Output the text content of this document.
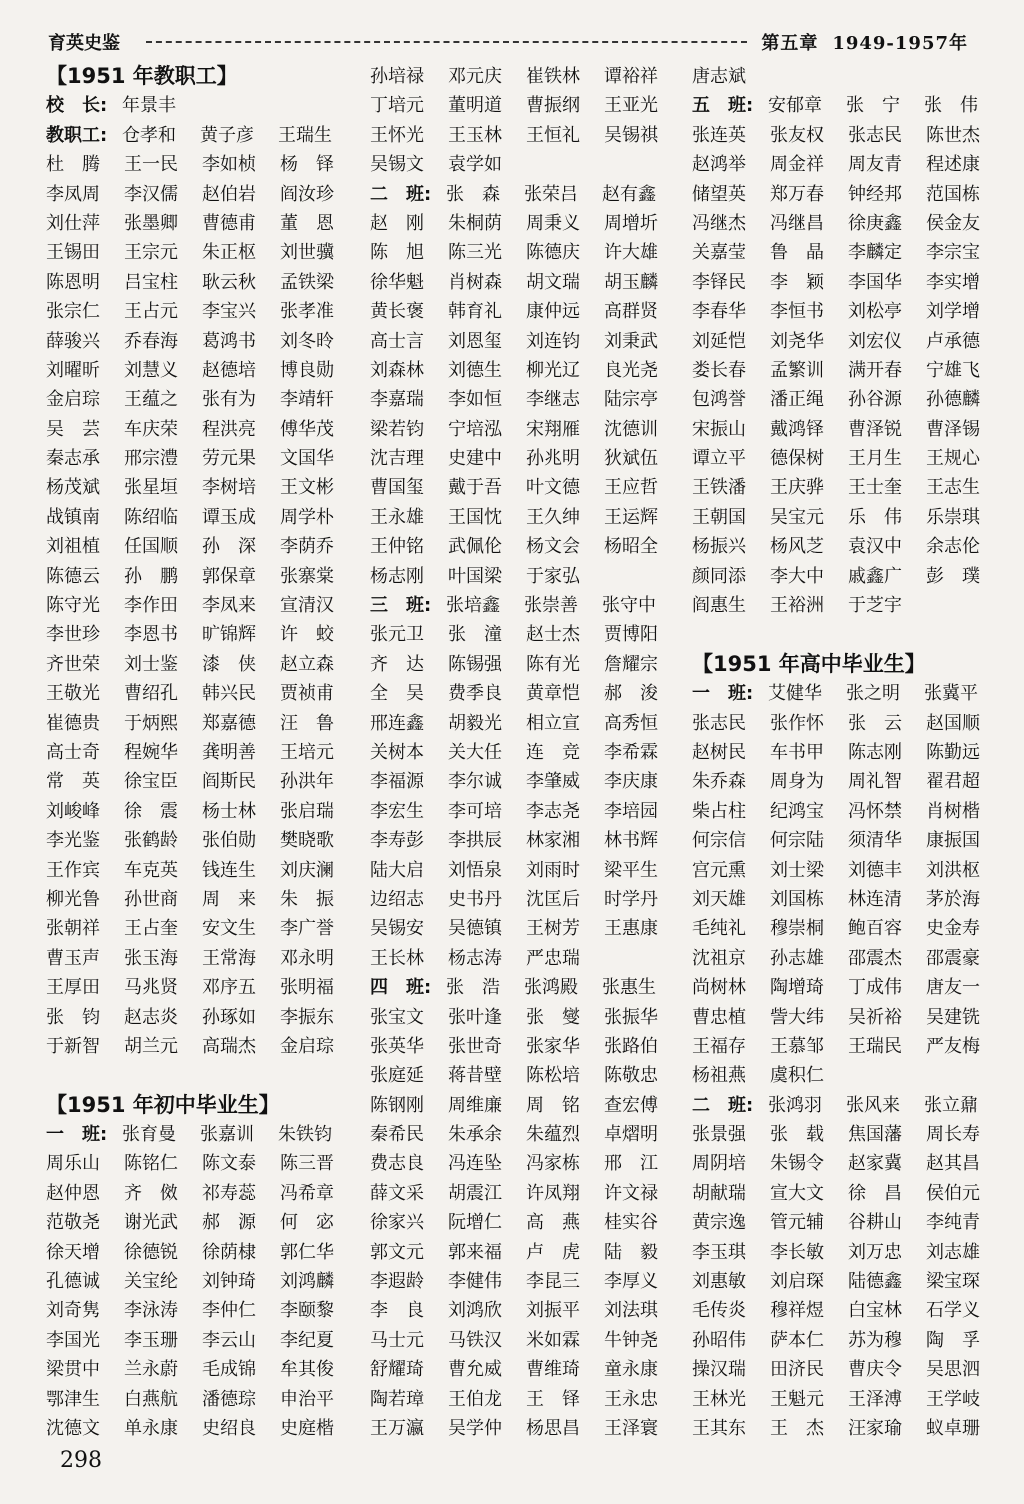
育英史鉴	第五章 1949-1957年
【1951 年教职工】
校　长: 年景丰
教职工: 仓孝和	黄子彦	王瑞生
杜　腾	王一民	李如桢	杨　铎
李凤周	李汉儒	赵伯岩	阎汝珍
刘仕萍	张墨卿	曹德甫	董　恩
王锡田	王宗元	朱正枢	刘世骥
陈恩明	吕宝柱	耿云秋	孟铁梁
张宗仁	王占元	李宝兴	张孝准
薛骏兴	乔春海	葛鸿书	刘冬昤
刘曜昕	刘慧义	赵德培	博良勋
金启琮	王蕴之	张有为	李靖轩
吴　芸	车庆荣	程洪亮	傅华茂
秦志承	邢宗澧	劳元果	文国华
杨茂斌	张星垣	李树培	王文彬
战镇南	陈绍临	谭玉成	周学朴
刘祖植	任国顺	孙　深	李荫乔
陈德云	孙　鹏	郭保章	张寨棠
陈守光	李作田	李凤来	宣清汉
李世珍	李恩书	旷锦辉	许　蛟
齐世荣	刘士鉴	漆　侠	赵立森
王敬光	曹绍孔	韩兴民	贾祯甫
崔德贵	于炳熙	郑嘉德	汪　鲁
高士奇	程婉华	龚明善	王培元
常　英	徐宝臣	阎斯民	孙洪年
刘峻峰	徐　震	杨士林	张启瑞
李光鉴	张鹤龄	张伯勋	樊晓歌
王作宾	车克英	钱连生	刘庆澜
柳光鲁	孙世商	周　来	朱　振
张朝祥	王占奎	安文生	李广誉
曹玉声	张玉海	王常海	邓永明
王厚田	马兆贤	邓序五	张明福
张　钧	赵志炎	孙琢如	李振东
于新智	胡兰元	高瑞杰	金启琮
【1951 年初中毕业生】
一　班: 张育曼	张嘉训	朱铁钧
周乐山	陈铭仁	陈文泰	陈三晋
赵仲恩	齐　傚	祁寿蕊	冯希章
范敬尧	谢光武	郝　源	何　宓
徐天增	徐德锐	徐荫棣	郭仁华
孔德诚	关宝纶	刘钟琦	刘鸿麟
刘奇隽	李泳涛	李仲仁	李颐黎
李国光	李玉珊	李云山	李纪夏
梁贯中	兰永蔚	毛成锦	牟其俊
鄂津生	白燕航	潘德琮	申治平
沈德文	单永康	史绍良	史庭楷
孙培禄	邓元庆	崔铁林	谭裕祥
丁培元	董明道	曹振纲	王亚光
王怀光	王玉林	王恒礼	吴锡祺
吴锡文	袁学如
二　班: 张　森	张荣吕	赵有鑫
赵　刚	朱桐荫	周秉义	周增圻
陈　旭	陈三光	陈德庆	许大雄
徐华魁	肖树森	胡文瑞	胡玉麟
黄长褒	韩育礼	康仲远	高群贤
高士言	刘恩玺	刘连钧	刘秉武
刘森林	刘德生	柳光辽	良光尧
李嘉瑞	李如恒	李继志	陆宗亭
梁若钧	宁培泓	宋翔雁	沈德训
沈吉理	史建中	孙兆明	狄斌伍
曹国玺	戴于吾	叶文德	王应哲
王永雄	王国忱	王久绅	王运辉
王仲铭	武佩伦	杨文会	杨昭全
杨志刚	叶国梁	于家弘
三　班: 张培鑫	张崇善	张守中
张元卫	张　潼	赵士杰	贾博阳
齐　达	陈锡强	陈有光	詹耀宗
全　吴	费季良	黄章恺	郝　浚
邢连鑫	胡毅光	相立宣	高秀恒
关树本	关大任	连　竞	李希霖
李福源	李尔诚	李肇威	李庆康
李宏生	李可培	李志尧	李培园
李寿彭	李拱辰	林家湘	林书辉
陆大启	刘悟泉	刘雨时	梁平生
边绍志	史书丹	沈匡后	时学丹
吴锡安	吴德镇	王树芳	王惠康
王长林	杨志涛	严忠瑞
四　班: 张　浩	张鸿殿	张惠生
张宝文	张叶逢	张　燮	张振华
张英华	张世奇	张家华	张路伯
张庭延	蒋昔壁	陈松培	陈敬忠
陈钢刚	周维廉	周　铭	查宏傅
秦希民	朱承余	朱蕴烈	卓熠明
费志良	冯连坠	冯家栋	邢　江
薛文采	胡震江	许凤翔	许文禄
徐家兴	阮增仁	高　燕	桂实谷
郭文元	郭来福	卢　虎	陆　毅
李遐龄	李健伟	李昆三	李厚义
李　良	刘鸿欣	刘振平	刘法琪
马士元	马铁汉	米如霖	牛钟尧
舒耀琦	曹允威	曹维琦	童永康
陶若璋	王伯龙	王　铎	王永忠
王万瀛	吴学仲	杨思昌	王泽寰
唐志斌
五　班: 安郁章	张　宁	张　伟
张连英	张友权	张志民	陈世杰
赵鸿举	周金祥	周友青	程述康
储望英	郑万春	钟经邦	范国栋
冯继杰	冯继昌	徐庚鑫	侯金友
关嘉莹	鲁　晶	李麟定	李宗宝
李铎民	李　颖	李国华	李实增
李春华	李恒书	刘松亭	刘学增
刘延恺	刘尧华	刘宏仪	卢承德
娄长春	孟繁训	满开春	宁雄飞
包鸿誉	潘正绳	孙谷源	孙德麟
宋振山	戴鸿铎	曹泽锐	曹泽锡
谭立平	德保树	王月生	王规心
王铁潘	王庆骅	王士奎	王志生
王朝国	吴宝元	乐　伟	乐崇琪
杨振兴	杨风芝	袁汉中	余志伦
颜同添	李大中	戚鑫广	彭　璞
阎惠生	王裕洲	于芝宇
【1951 年高中毕业生】
一　班: 艾健华	张之明	张冀平
张志民	张作怀	张　云	赵国顺
赵树民	车书甲	陈志刚	陈勤远
朱乔森	周身为	周礼智	翟君超
柴占柱	纪鸿宝	冯怀禁	肖树楷
何宗信	何宗陆	须清华	康振国
宫元熏	刘士梁	刘德丰	刘洪枢
刘天雄	刘国栋	林连清	茅於海
毛纯礼	穆崇桐	鲍百容	史金寿
沈祖京	孙志雄	邵震杰	邵震豪
尚树林	陶增琦	丁成伟	唐友一
曹忠植	訾大纬	吴祈裕	吴建铣
王福存	王慕邹	王瑞民	严友梅
杨祖燕	虞积仁
二　班: 张鸿羽	张风来	张立鼐
张景强	张　载	焦国藩	周长寿
周阴培	朱锡令	赵家冀	赵其昌
胡献瑞	宣大文	徐　昌	侯伯元
黄宗逸	管元辅	谷耕山	李纯青
李玉琪	李长敏	刘万忠	刘志雄
刘惠敏	刘启琛	陆德鑫	梁宝琛
毛传炎	穆祥煜	白宝林	石学义
孙昭伟	萨本仁	苏为穆	陶　孚
操汉瑞	田济民	曹庆令	吴思泗
王林光	王魁元	王泽溥	王学岐
王其东	王　杰	汪家瑜	蚁卓珊
298
